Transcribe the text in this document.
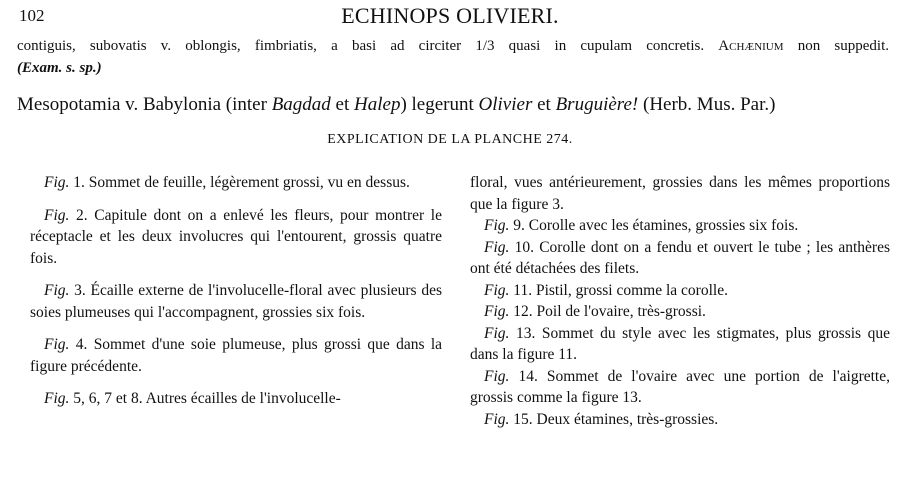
102	ECHINOPS OLIVIERI.
contiguis, subovatis v. oblongis, fimbriatis, a basi ad circiter 1/3 quasi in cupulam concretis. Achænium non suppedit.
(Exam. s. sp.)
Mesopotamia v. Babylonia (inter Bagdad et Halep) legerunt Olivier et Bruguière! (Herb. Mus. Par.)
EXPLICATION DE LA PLANCHE 274.

Fig. 1. Sommet de feuille, légèrement grossi, vu en dessus.

Fig. 2. Capitule dont on a enlevé les fleurs, pour montrer le réceptacle et les deux involucres qui l'entourent, grossis quatre fois.

Fig. 3. Écaille externe de l'involucelle-floral avec plusieurs des soies plumeuses qui l'accompagnent, grossies six fois.

Fig. 4. Sommet d'une soie plumeuse, plus grossi que dans la figure précédente.

Fig. 5, 6, 7 et 8. Autres écailles de l'involucelle-

floral, vues antérieurement, grossies dans les mêmes proportions que la figure 3.

Fig. 9. Corolle avec les étamines, grossies six fois.

Fig. 10. Corolle dont on a fendu et ouvert le tube ; les anthères ont été détachées des filets.

Fig. 11. Pistil, grossi comme la corolle.

Fig. 12. Poil de l'ovaire, très-grossi.

Fig. 13. Sommet du style avec les stigmates, plus grossis que dans la figure 11.

Fig. 14. Sommet de l'ovaire avec une portion de l'aigrette, grossis comme la figure 13.

Fig. 15. Deux étamines, très-grossies.
